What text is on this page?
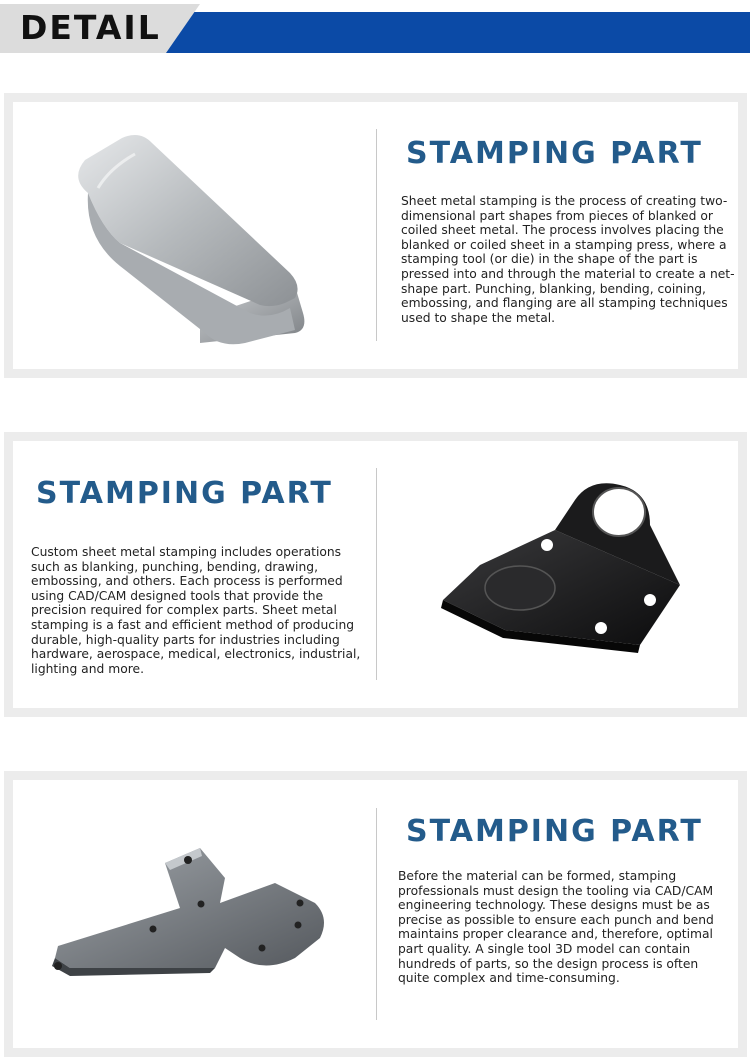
DETAIL
STAMPING PART
Sheet metal stamping is the process of creating two-dimensional part shapes from pieces of blanked or coiled sheet metal. The process involves placing the blanked or coiled sheet in a stamping press, where a stamping tool (or die) in the shape of the part is pressed into and through the material to create a net-shape part. Punching, blanking, bending, coining, embossing, and flanging are all stamping techniques used to shape the metal.
STAMPING PART
Custom sheet metal stamping includes operations such as blanking, punching, bending, drawing, embossing, and others. Each process is performed using CAD/CAM designed tools that provide the precision required for complex parts. Sheet metal stamping is a fast and efficient method of producing durable, high-quality parts for industries including hardware, aerospace, medical, electronics, industrial, lighting and more.
STAMPING PART
Before the material can be formed, stamping professionals must design the tooling via CAD/CAM engineering technology. These designs must be as precise as possible to ensure each punch and bend maintains proper clearance and, therefore, optimal part quality. A single tool 3D model can contain hundreds of parts, so the design process is often quite complex and time-consuming.
